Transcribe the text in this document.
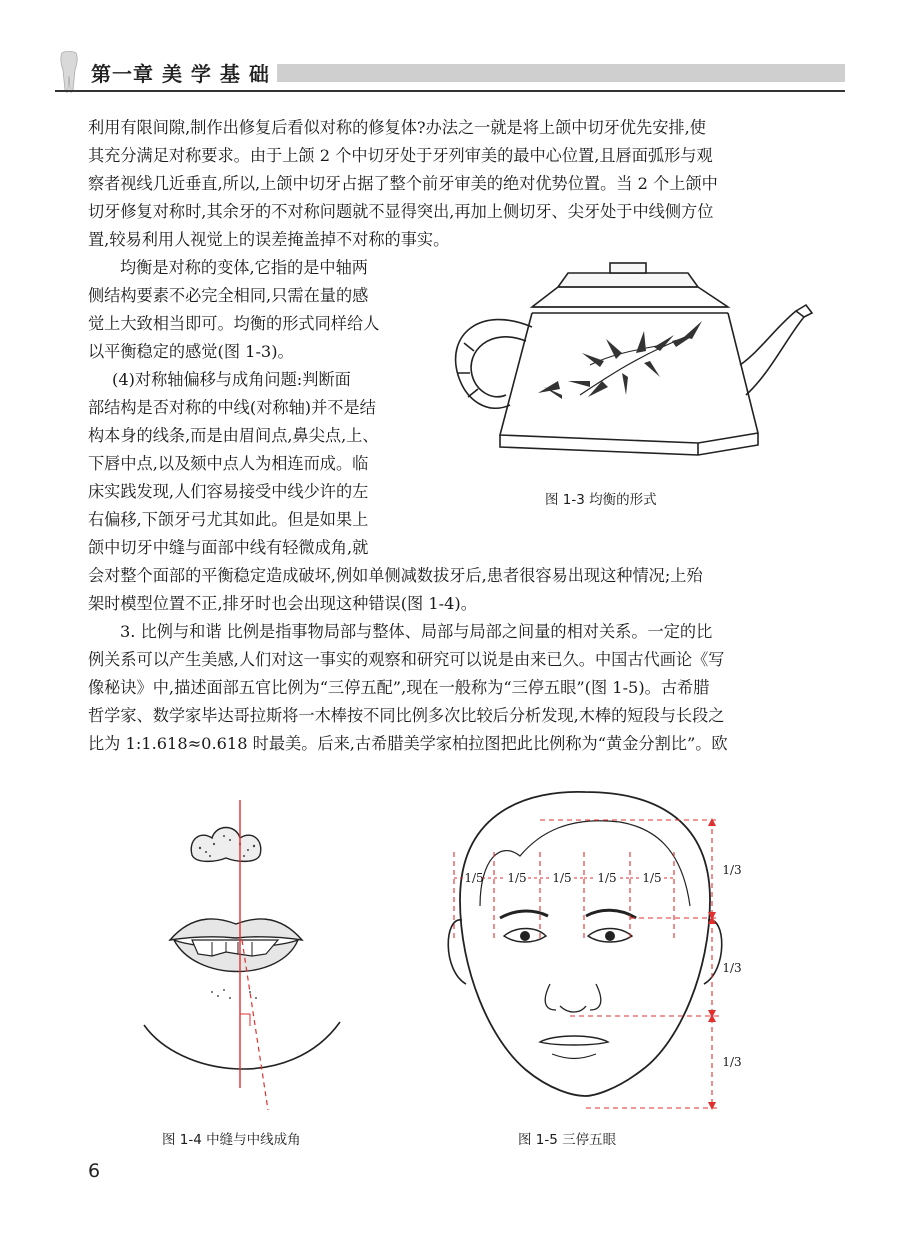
第一章 美 学 基 础

利用有限间隙,制作出修复后看似对称的修复体?办法之一就是将上颌中切牙优先安排,使

其充分满足对称要求。由于上颌 2 个中切牙处于牙列审美的最中心位置,且唇面弧形与观

察者视线几近垂直,所以,上颌中切牙占据了整个前牙审美的绝对优势位置。当 2 个上颌中

切牙修复对称时,其余牙的不对称问题就不显得突出,再加上侧切牙、尖牙处于中线侧方位

置,较易利用人视觉上的误差掩盖掉不对称的事实。

均衡是对称的变体,它指的是中轴两

侧结构要素不必完全相同,只需在量的感

觉上大致相当即可。均衡的形式同样给人

以平衡稳定的感觉(图 1-3)。

(4)对称轴偏移与成角问题:判断面

部结构是否对称的中线(对称轴)并不是结

构本身的线条,而是由眉间点,鼻尖点,上、

下唇中点,以及颏中点人为相连而成。临

床实践发现,人们容易接受中线少许的左

右偏移,下颌牙弓尤其如此。但是如果上

颌中切牙中缝与面部中线有轻微成角,就

图 1-3 均衡的形式

会对整个面部的平衡稳定造成破坏,例如单侧减数拔牙后,患者很容易出现这种情况;上殆

架时模型位置不正,排牙时也会出现这种错误(图 1-4)。

3. 比例与和谐 比例是指事物局部与整体、局部与局部之间量的相对关系。一定的比

例关系可以产生美感,人们对这一事实的观察和研究可以说是由来已久。中国古代画论《写

像秘诀》中,描述面部五官比例为“三停五配”,现在一般称为“三停五眼”(图 1-5)。古希腊

哲学家、数学家毕达哥拉斯将一木棒按不同比例多次比较后分析发现,木棒的短段与长段之

比为 1:1.618≈0.618 时最美。后来,古希腊美学家柏拉图把此比例称为“黄金分割比”。欧

图 1-4 中缝与中线成角
1/5 1/5 1/5 1/5 1/5
1/3
1/3
1/3
图 1-5 三停五眼
6
